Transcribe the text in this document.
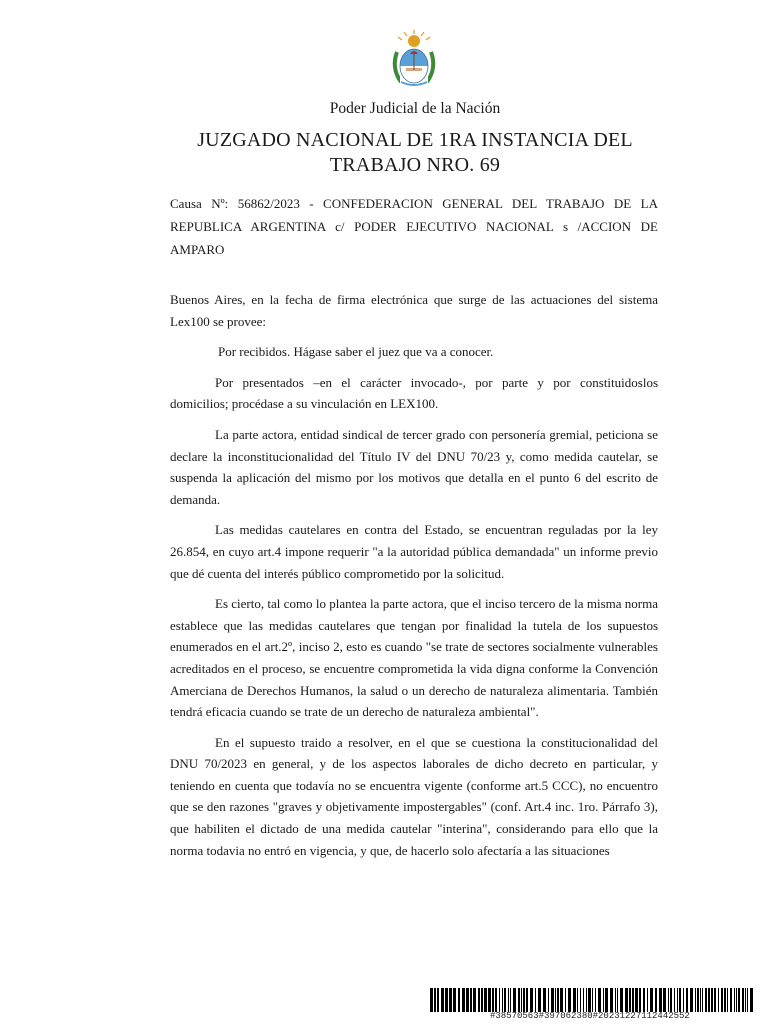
Poder Judicial de la Nación
JUZGADO NACIONAL DE 1RA INSTANCIA DEL
TRABAJO NRO. 69
Causa Nº: 56862/2023 - CONFEDERACION GENERAL DEL TRABAJO DE LA REPUBLICA ARGENTINA c/ PODER EJECUTIVO NACIONAL s /ACCION DE AMPARO

Buenos Aires, en la fecha de firma electrónica que surge de las actuaciones del sistema Lex100 se provee:

Por recibidos. Hágase saber el juez que va a conocer.

Por presentados –en el carácter invocado-, por parte y por constituidoslos domicilios; procédase a su vinculación en LEX100.

La parte actora, entidad sindical de tercer grado con personería gremial, peticiona se declare la inconstitucionalidad del Título IV del DNU 70/23 y, como medida cautelar, se suspenda la aplicación del mismo por los motivos que detalla en el punto 6 del escrito de demanda.

Las medidas cautelares en contra del Estado, se encuentran reguladas por la ley 26.854, en cuyo art.4 impone requerir "a la autoridad pública demandada" un informe previo que dé cuenta del interés público comprometido por la solicitud.

Es cierto, tal como lo plantea la parte actora, que el inciso tercero de la misma norma establece que las medidas cautelares que tengan por finalidad la tutela de los supuestos enumerados en el art.2º, inciso 2, esto es cuando "se trate de sectores socialmente vulnerables acreditados en el proceso, se encuentre comprometida la vida digna conforme la Convención Amerciana de Derechos Humanos, la salud o un derecho de naturaleza alimentaria. También tendrá eficacia cuando se trate de un derecho de naturaleza ambiental".

En el supuesto traido a resolver, en el que se cuestiona la constitucionalidad del DNU 70/2023 en general, y de los aspectos laborales de dicho decreto en particular, y teniendo en cuenta que todavía no se encuentra vigente (conforme art.5 CCC), no encuentro que se den razones "graves y objetivamente impostergables" (conf. Art.4 inc. 1ro. Párrafo 3), que habiliten el dictado de una medida cautelar "interina", considerando para ello que la norma todavia no entró en vigencia, y que, de hacerlo solo afectaría a las situaciones

#38570563#397062380#20231227112442552
